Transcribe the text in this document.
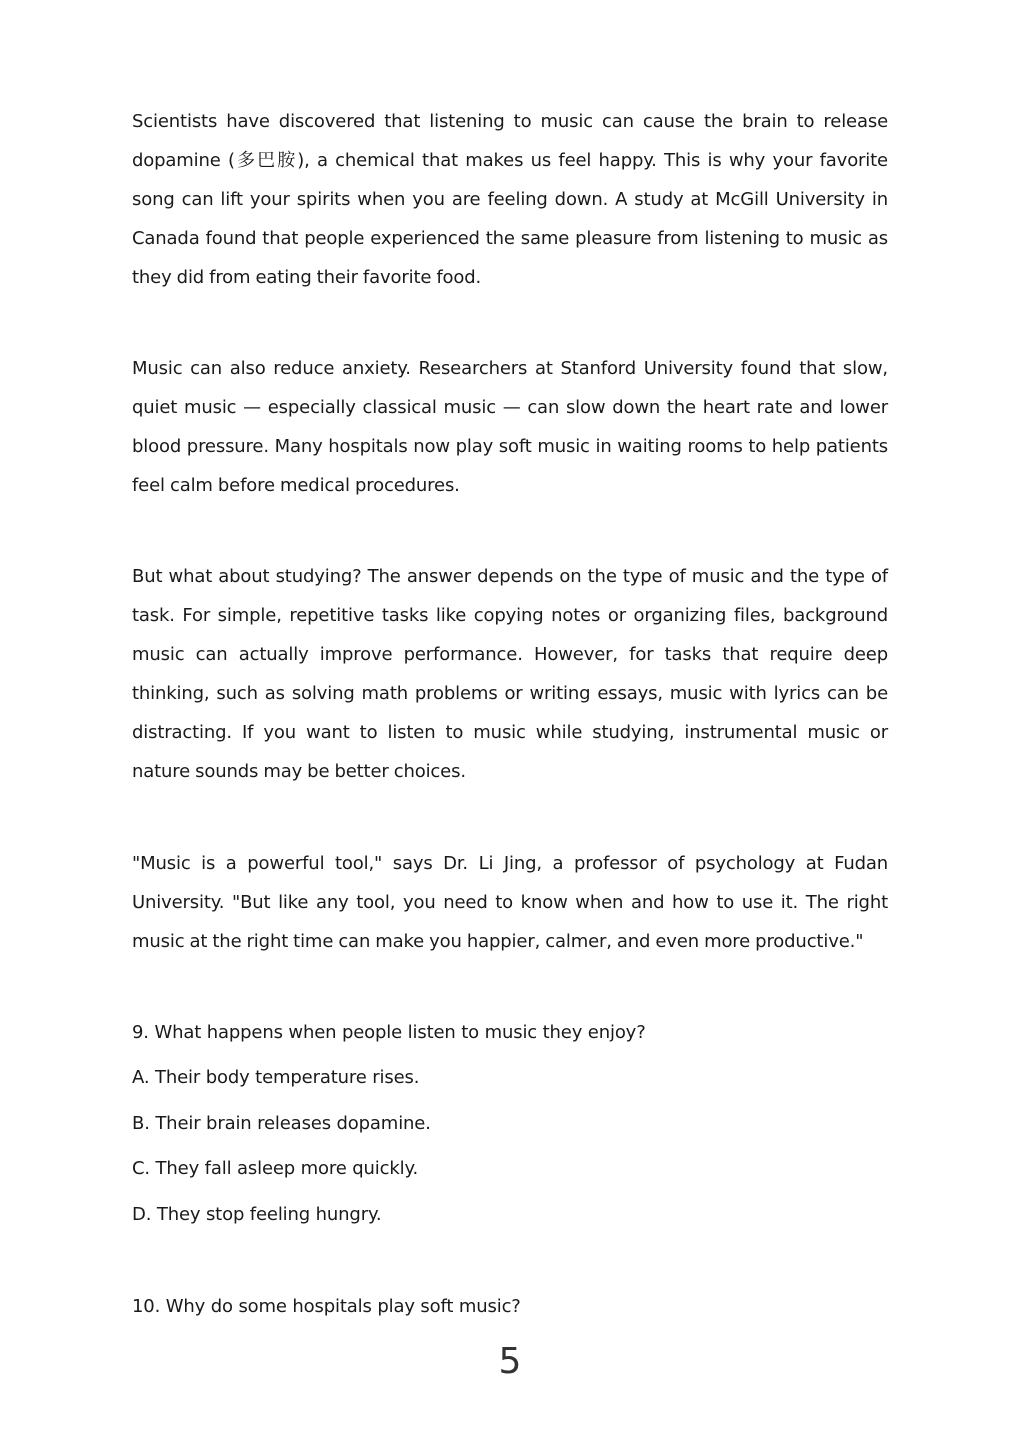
Scientists have discovered that listening to music can cause the brain to release dopamine (多巴胺), a chemical that makes us feel happy. This is why your favorite song can lift your spirits when you are feeling down. A study at McGill University in Canada found that people experienced the same pleasure from listening to music as they did from eating their favorite food.

Music can also reduce anxiety. Researchers at Stanford University found that slow, quiet music — especially classical music — can slow down the heart rate and lower blood pressure. Many hospitals now play soft music in waiting rooms to help patients feel calm before medical procedures.

But what about studying? The answer depends on the type of music and the type of task. For simple, repetitive tasks like copying notes or organizing files, background music can actually improve performance. However, for tasks that require deep thinking, such as solving math problems or writing essays, music with lyrics can be distracting. If you want to listen to music while studying, instrumental music or nature sounds may be better choices.

"Music is a powerful tool," says Dr. Li Jing, a professor of psychology at Fudan University. "But like any tool, you need to know when and how to use it. The right music at the right time can make you happier, calmer, and even more productive."

9. What happens when people listen to music they enjoy?

A. Their body temperature rises.

B. Their brain releases dopamine.

C. They fall asleep more quickly.

D. They stop feeling hungry.

10. Why do some hospitals play soft music?

5
